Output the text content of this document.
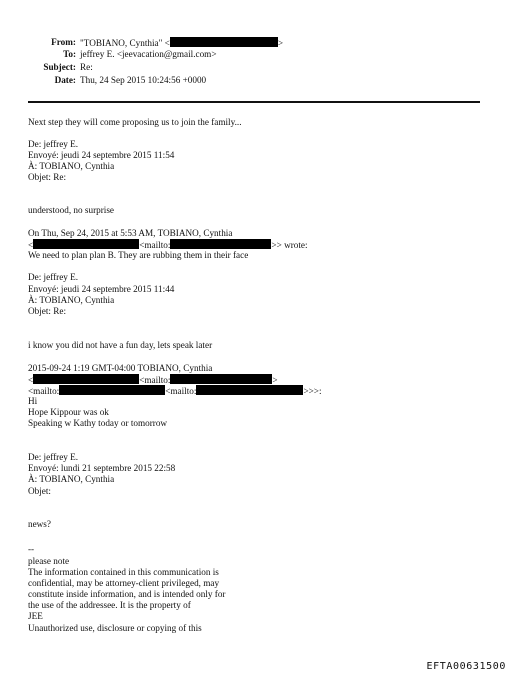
From: "TOBIANO, Cynthia" <	>
To: jeffrey E. <jeevacation@gmail.com>
Subject: Re:
Date: Thu, 24 Sep 2015 10:24:56 +0000
Next step they will come proposing us to join the family...
De: jeffrey E.
Envoyé: jeudi 24 septembre 2015 11:54
À: TOBIANO, Cynthia
Objet: Re:
understood, no surprise
On Thu, Sep 24, 2015 at 5:53 AM, TOBIANO, Cynthia
<	<mailto:	>> wrote:
We need to plan plan B. They are rubbing them in their face
De: jeffrey E.
Envoyé: jeudi 24 septembre 2015 11:44
À: TOBIANO, Cynthia
Objet: Re:
i know you did not have a fun day, lets speak later
2015-09-24 1:19 GMT-04:00 TOBIANO, Cynthia
<	<mailto:	>
<mailto:	<mailto:	>>>:
Hi
Hope Kippour was ok
Speaking w Kathy today or tomorrow
De: jeffrey E.
Envoyé: lundi 21 septembre 2015 22:58
À: TOBIANO, Cynthia
Objet:
news?
--
please note
The information contained in this communication is
confidential, may be attorney-client privileged, may
constitute inside information, and is intended only for
the use of the addressee. It is the property of
JEE
Unauthorized use, disclosure or copying of this
EFTA00631500
